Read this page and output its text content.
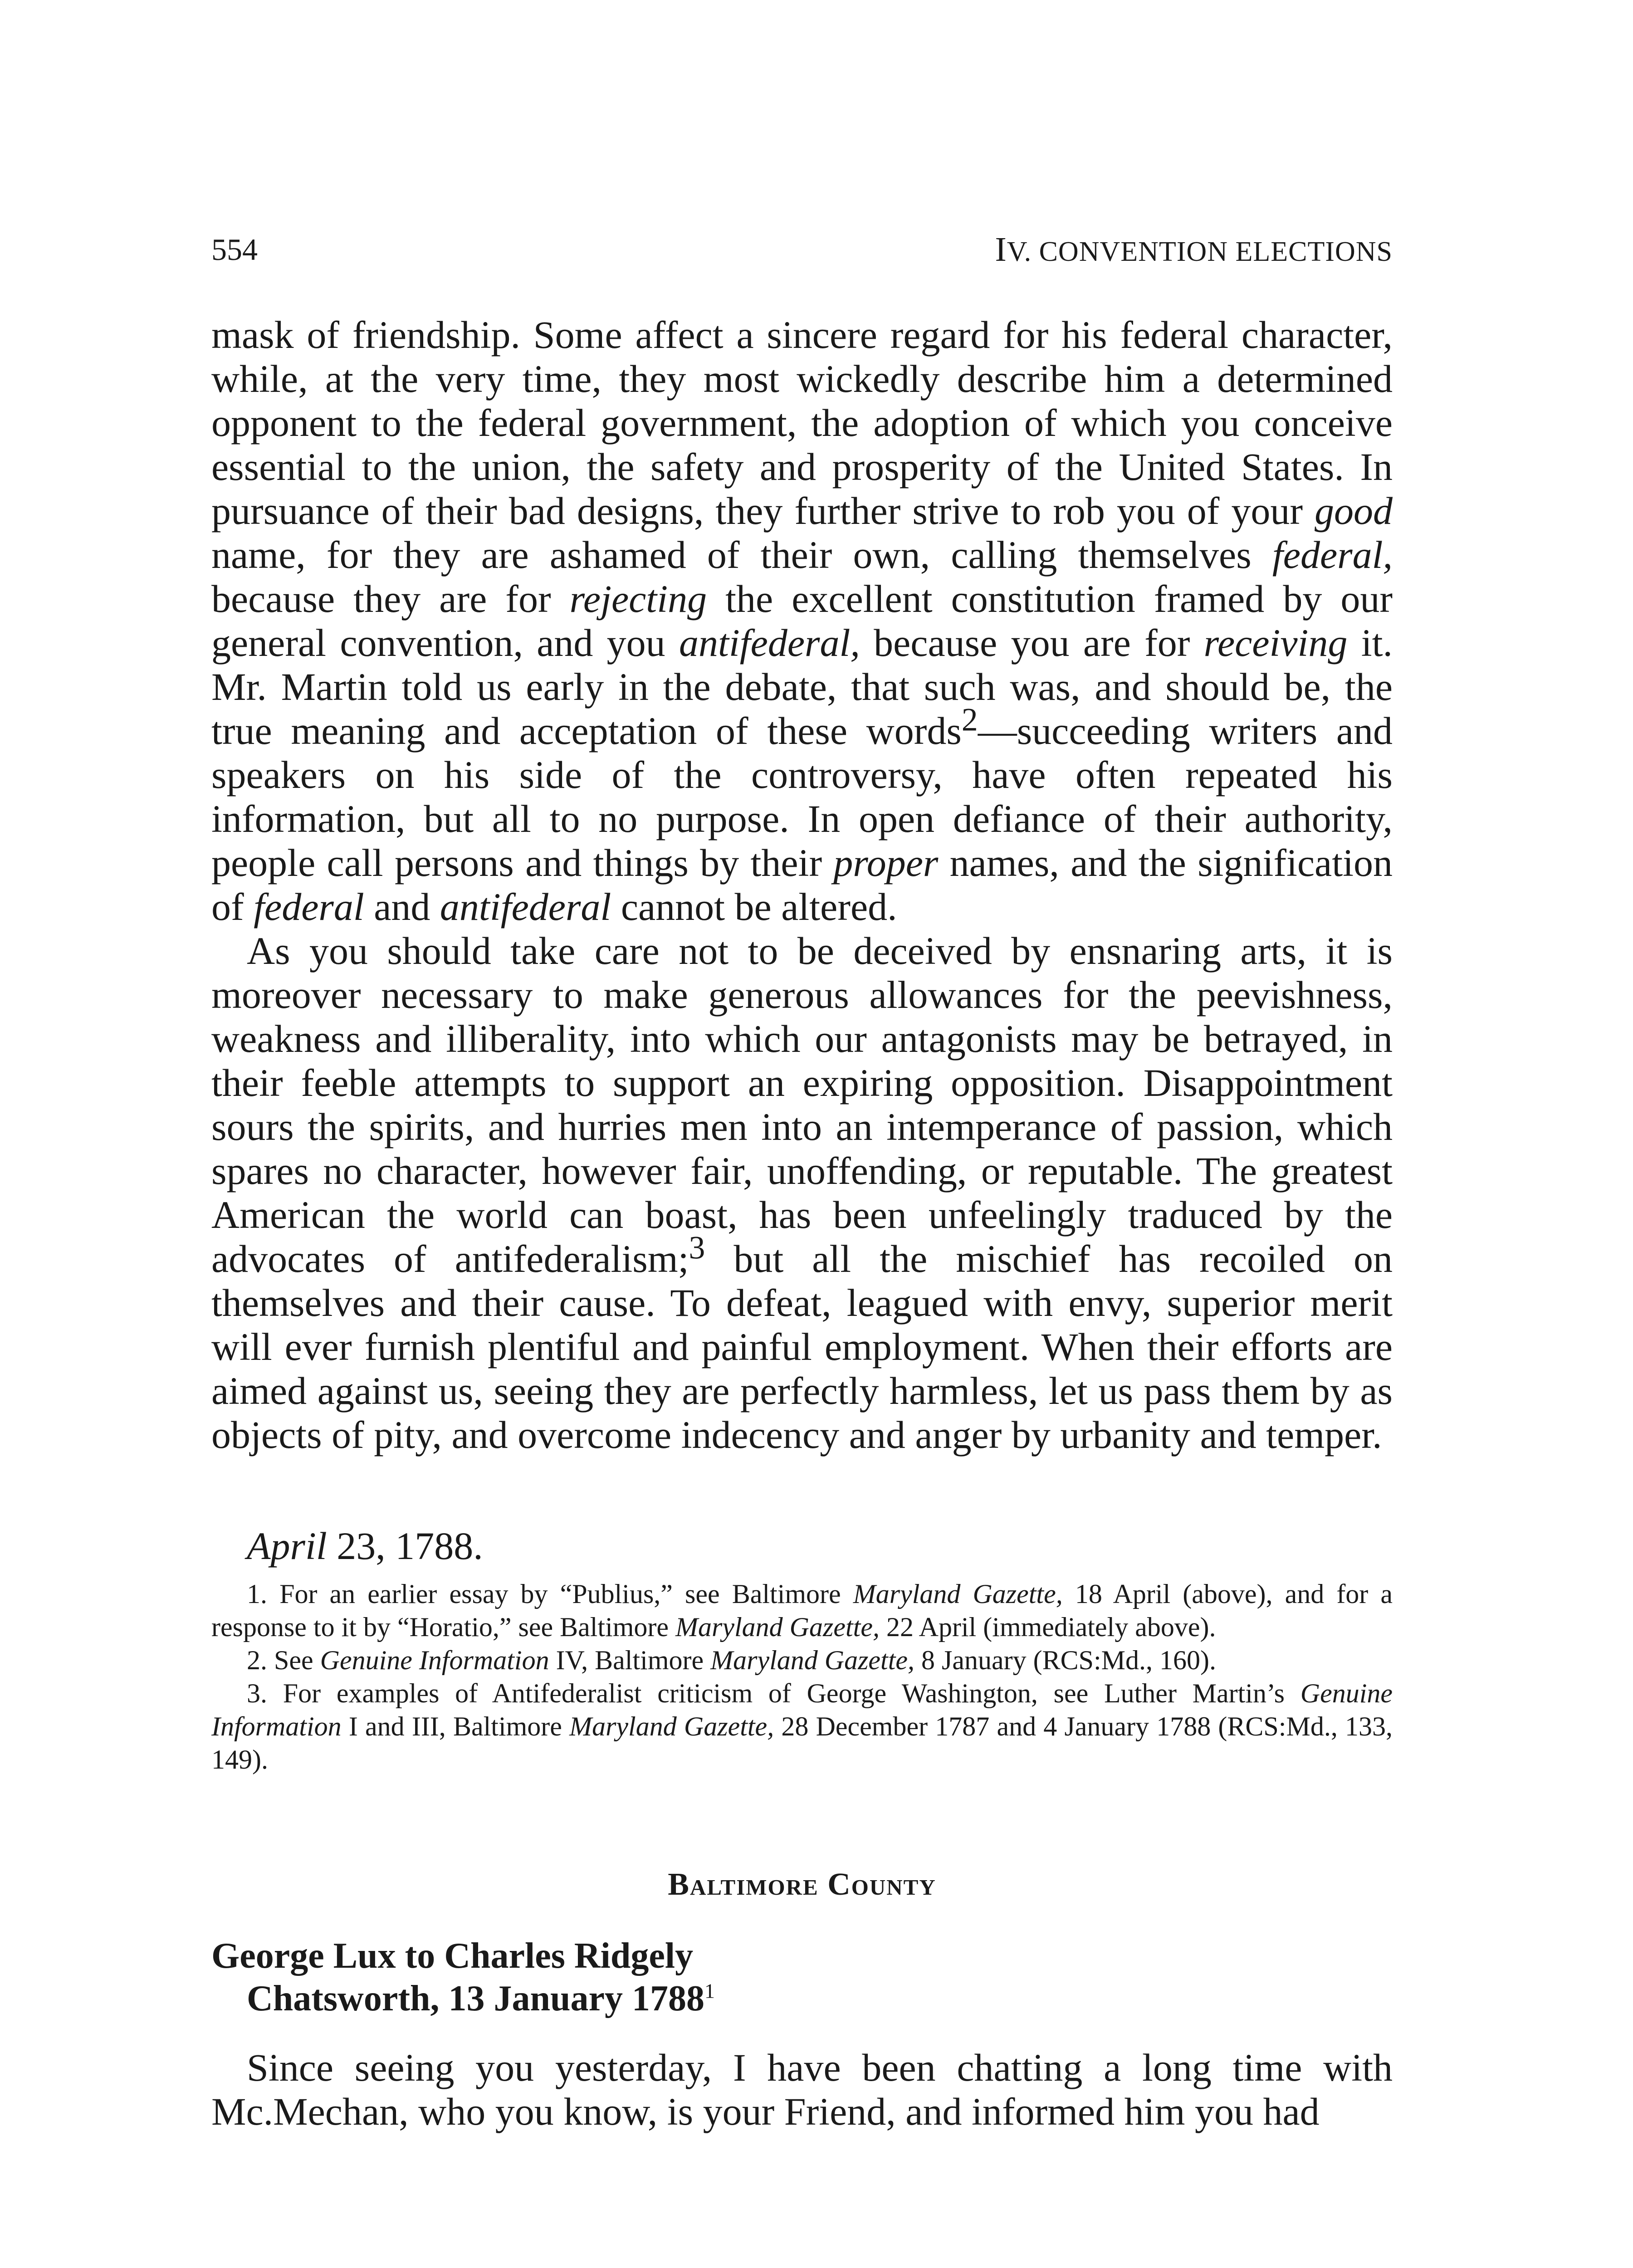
554	IV. CONVENTION ELECTIONS

mask of friendship. Some affect a sincere regard for his federal character, while, at the very time, they most wickedly describe him a determined opponent to the federal government, the adoption of which you conceive essential to the union, the safety and prosperity of the United States. In pursuance of their bad designs, they further strive to rob you of your good name, for they are ashamed of their own, calling themselves federal, because they are for rejecting the excellent constitution framed by our general convention, and you antifederal, because you are for receiving it. Mr. Martin told us early in the debate, that such was, and should be, the true meaning and acceptation of these words$^2$—succeeding writers and speakers on his side of the controversy, have often repeated his information, but all to no purpose. In open defiance of their authority, people call persons and things by their proper names, and the signification of federal and antifederal cannot be altered.

As you should take care not to be deceived by ensnaring arts, it is moreover necessary to make generous allowances for the peevishness, weakness and illiberality, into which our antagonists may be betrayed, in their feeble attempts to support an expiring opposition. Disappointment sours the spirits, and hurries men into an intemperance of passion, which spares no character, however fair, unoffending, or reputable. The greatest American the world can boast, has been unfeelingly traduced by the advocates of antifederalism;$^3$ but all the mischief has recoiled on themselves and their cause. To defeat, leagued with envy, superior merit will ever furnish plentiful and painful employment. When their efforts are aimed against us, seeing they are perfectly harmless, let us pass them by as objects of pity, and overcome indecency and anger by urbanity and temper.

April 23, 1788.

1. For an earlier essay by “Publius,” see Baltimore Maryland Gazette, 18 April (above), and for a response to it by “Horatio,” see Baltimore Maryland Gazette, 22 April (immediately above).

2. See Genuine Information IV, Baltimore Maryland Gazette, 8 January (RCS:Md., 160).

3. For examples of Antifederalist criticism of George Washington, see Luther Martin’s Genuine Information I and III, Baltimore Maryland Gazette, 28 December 1787 and 4 January 1788 (RCS:Md., 133, 149).

Baltimore County
George Lux to Charles Ridgely
Chatsworth, 13 January 1788$^1$

Since seeing you yesterday, I have been chatting a long time with Mc.Mechan, who you know, is your Friend, and informed him you had
